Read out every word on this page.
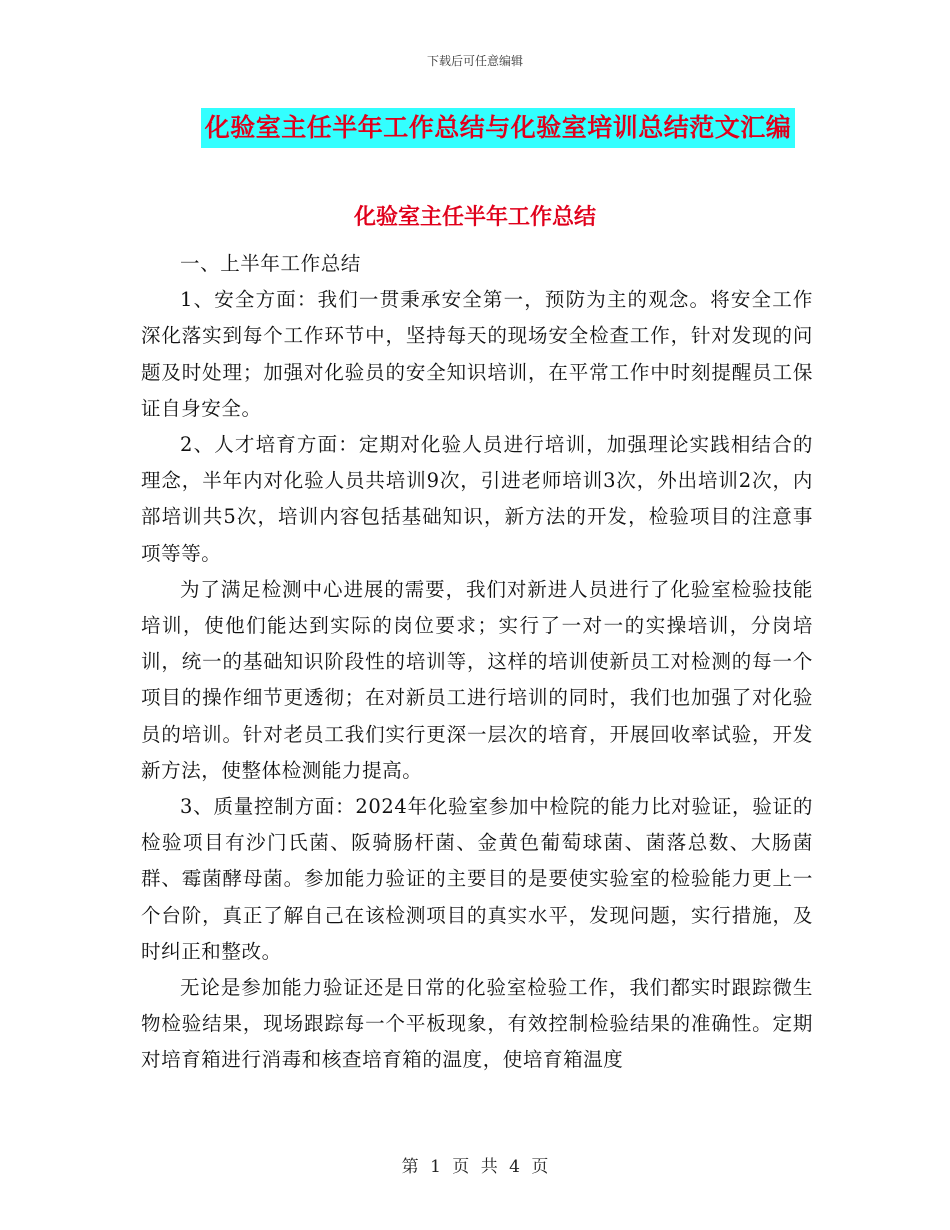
下载后可任意编辑
化验室主任半年工作总结与化验室培训总结范文汇编
化验室主任半年工作总结

一、上半年工作总结

1、安全方面：我们一贯秉承安全第一，预防为主的观念。将安全工作深化落实到每个工作环节中，坚持每天的现场安全检查工作，针对发现的问题及时处理；加强对化验员的安全知识培训，在平常工作中时刻提醒员工保证自身安全。

2、人才培育方面：定期对化验人员进行培训，加强理论实践相结合的理念，半年内对化验人员共培训9次，引进老师培训3次，外出培训2次，内部培训共5次，培训内容包括基础知识，新方法的开发，检验项目的注意事项等等。

为了满足检测中心进展的需要，我们对新进人员进行了化验室检验技能培训，使他们能达到实际的岗位要求；实行了一对一的实操培训，分岗培训，统一的基础知识阶段性的培训等，这样的培训使新员工对检测的每一个项目的操作细节更透彻；在对新员工进行培训的同时，我们也加强了对化验员的培训。针对老员工我们实行更深一层次的培育，开展回收率试验，开发新方法，使整体检测能力提高。

3、质量控制方面：2024年化验室参加中检院的能力比对验证，验证的检验项目有沙门氏菌、阪骑肠杆菌、金黄色葡萄球菌、菌落总数、大肠菌群、霉菌酵母菌。参加能力验证的主要目的是要使实验室的检验能力更上一个台阶，真正了解自己在该检测项目的真实水平，发现问题，实行措施，及时纠正和整改。

无论是参加能力验证还是日常的化验室检验工作，我们都实时跟踪微生物检验结果，现场跟踪每一个平板现象，有效控制检验结果的准确性。定期对培育箱进行消毒和核查培育箱的温度，使培育箱温度

第 1 页 共 4 页
